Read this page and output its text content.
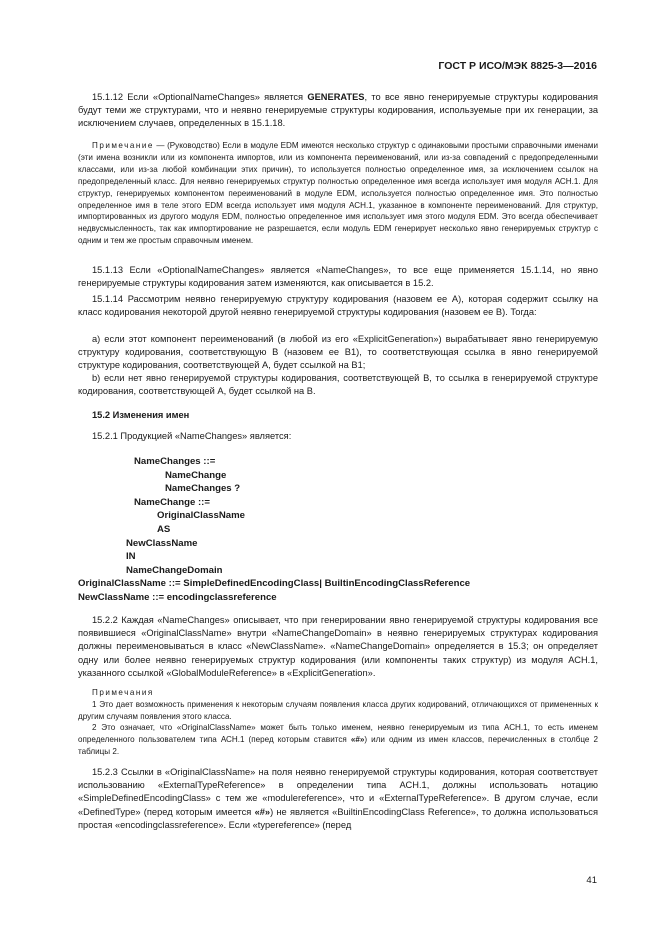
ГОСТ Р ИСО/МЭК 8825-3—2016

15.1.12 Если «OptionalNameChanges» является GENERATES, то все явно генерируемые структуры кодирования будут теми же структурами, что и неявно генерируемые структуры кодирования, используемые при их генерации, за исключением случаев, определенных в 15.1.18.

Примечание — (Руководство) Если в модуле EDM имеются несколько структур с одинаковыми простыми справочными именами (эти имена возникли или из компонента импортов, или из компонента переименований, или из-за совпадений с предопределенными классами, или из-за любой комбинации этих причин), то используется полностью определенное имя, за исключением ссылок на предопределенный класс. Для неявно генерируемых структур полностью определенное имя всегда использует имя модуля АСН.1. Для структур, генерируемых компонентом переименований в модуле EDM, используется полностью определенное имя. Это полностью определенное имя в теле этого EDM всегда использует имя модуля АСН.1, указанное в компоненте переименований. Для структур, импортированных из другого модуля EDM, полностью определенное имя использует имя этого модуля EDM. Это всегда обеспечивает недвусмысленность, так как импортирование не разрешается, если модуль EDM генерирует несколько явно генерируемых структур с одним и тем же простым справочным именем.

15.1.13 Если «OptionalNameChanges» является «NameChanges», то все еще применяется 15.1.14, но явно генерируемые структуры кодирования затем изменяются, как описывается в 15.2.

15.1.14 Рассмотрим неявно генерируемую структуру кодирования (назовем ее А), которая содержит ссылку на класс кодирования некоторой другой неявно генерируемой структуры кодирования (назовем ее В). Тогда:

a) если этот компонент переименований (в любой из его «ExplicitGeneration») вырабатывает явно генерируемую структуру кодирования, соответствующую В (назовем ее В1), то соответствующая ссылка в явно генерируемой структуре кодирования, соответствующей А, будет ссылкой на В1;

b) если нет явно генерируемой структуры кодирования, соответствующей В, то ссылка в генерируемой структуре кодирования, соответствующей А, будет ссылкой на В.

15.2 Изменения имен

15.2.1 Продукцией «NameChanges» является:

NameChanges ::=
NameChange
NameChanges ?
NameChange ::=
OriginalClassName
AS
NewClassName
IN
NameChangeDomain
OriginalClassName ::= SimpleDefinedEncodingClass| BuiltinEncodingClassReference
NewClassName ::= encodingclassreference

15.2.2 Каждая «NameChanges» описывает, что при генерировании явно генерируемой структуры кодирования все появившиеся «OriginalClassName» внутри «NameChangeDomain» в неявно генерируемых структурах кодирования должны переименовываться в класс «NewClassName». «NameChangeDomain» определяется в 15.3; он определяет одну или более неявно генерируемых структур кодирования (или компоненты таких структур) из модуля АСН.1, указанного ссылкой «GlobalModuleReference» в «ExplicitGeneration».

Примечания

1 Это дает возможность применения к некоторым случаям появления класса других кодирований, отличающихся от примененных к другим случаям появления этого класса.

2 Это означает, что «OriginalClassName» может быть только именем, неявно генерируемым из типа АСН.1, то есть именем определенного пользователем типа АСН.1 (перед которым ставится «#») или одним из имен классов, перечисленных в столбце 2 таблицы 2.

15.2.3 Ссылки в «OriginalClassName» на поля неявно генерируемой структуры кодирования, которая соответствует использованию «ExternalTypeReference» в определении типа АСН.1, должны использовать нотацию «SimpleDefinedEncodingClass» с тем же «modulereference», что и «ExternalTypeReference». В другом случае, если «DefinedType» (перед которым имеется «#») не является «BuiltinEncodingClass Reference», то должна использоваться простая «encodingclassreference». Если «typereference» (перед

41
